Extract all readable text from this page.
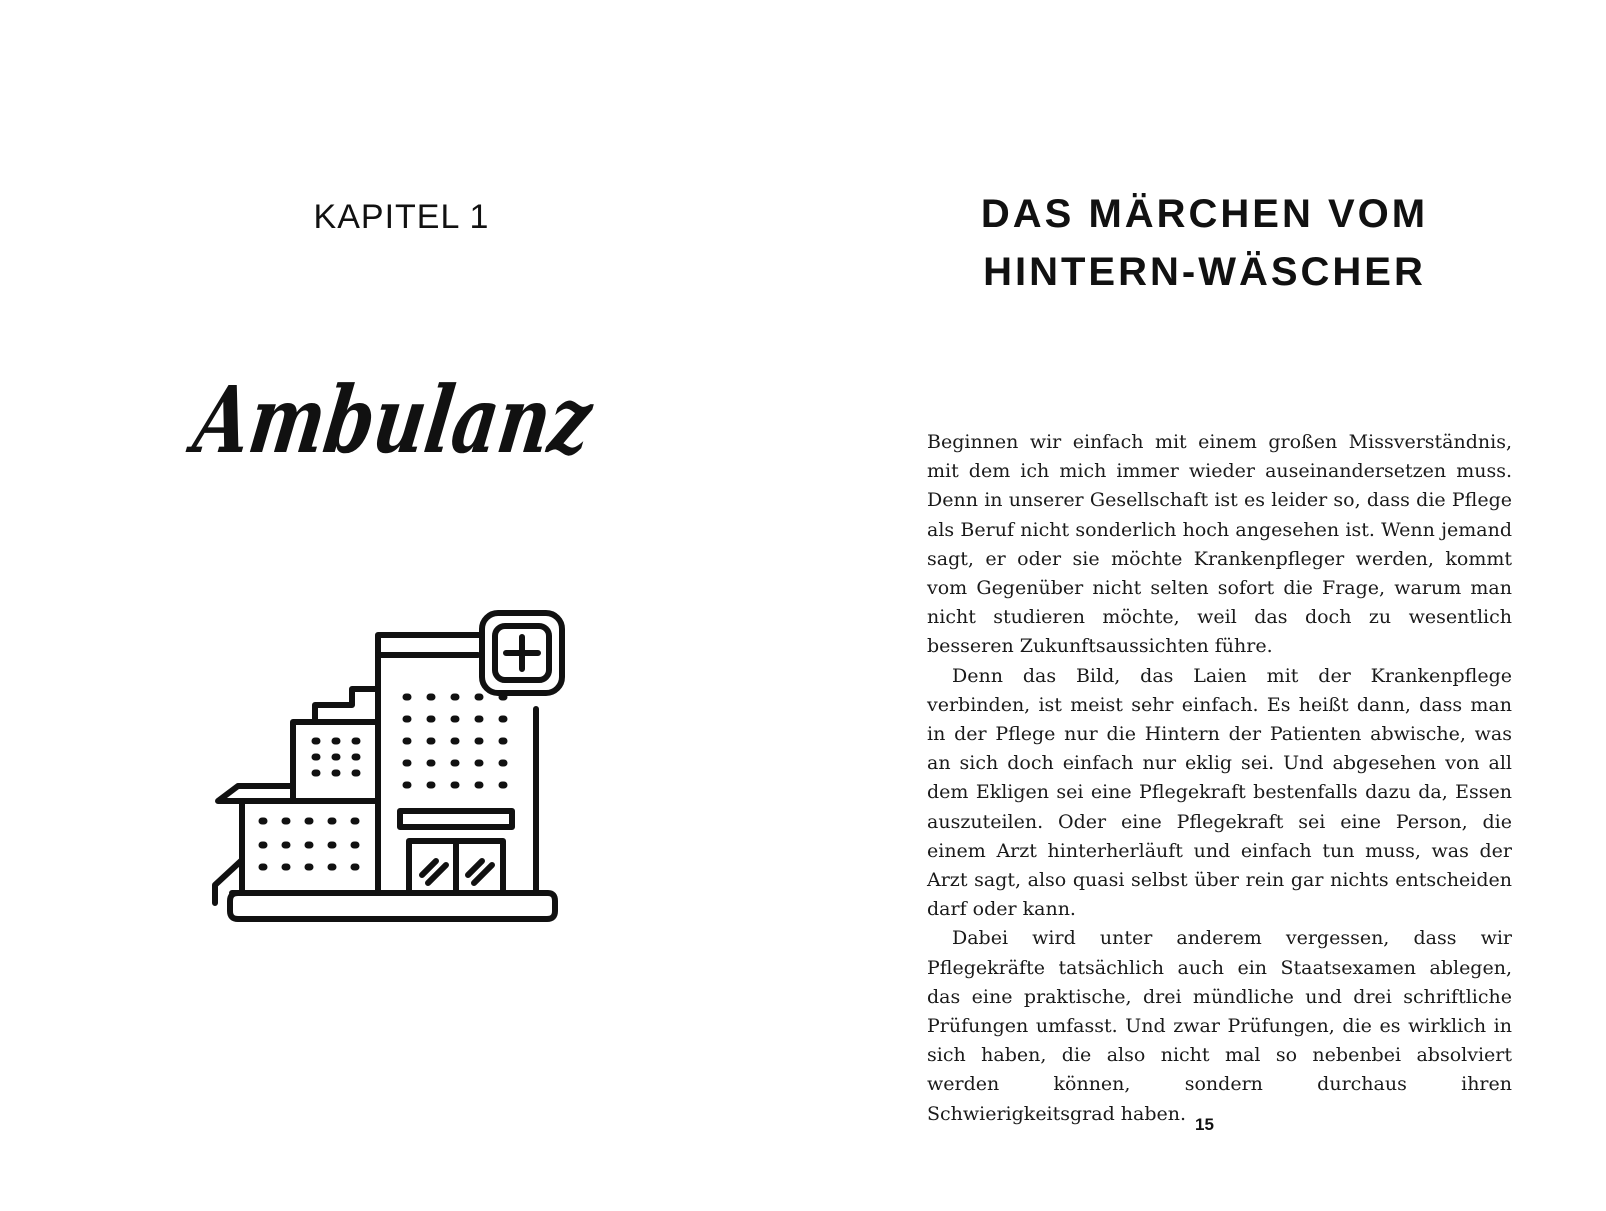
KAPITEL 1
Ambulanz
DAS MÄRCHEN VOM
HINTERN-WÄSCHER

Beginnen wir einfach mit einem großen Missverständnis, mit dem ich mich immer wieder auseinandersetzen muss. Denn in unserer Gesellschaft ist es leider so, dass die Pflege als Beruf nicht sonderlich hoch angesehen ist. Wenn jemand sagt, er oder sie möchte Krankenpfleger werden, kommt vom Gegenüber nicht selten sofort die Frage, warum man nicht studieren möchte, weil das doch zu wesentlich besseren Zukunftsaussichten führe.

Denn das Bild, das Laien mit der Krankenpflege verbinden, ist meist sehr einfach. Es heißt dann, dass man in der Pflege nur die Hintern der Patienten abwische, was an sich doch einfach nur eklig sei. Und abgesehen von all dem Ekligen sei eine Pflegekraft bestenfalls dazu da, Essen auszuteilen. Oder eine Pflegekraft sei eine Person, die einem Arzt hinterherläuft und einfach tun muss, was der Arzt sagt, also quasi selbst über rein gar nichts entscheiden darf oder kann.

Dabei wird unter anderem vergessen, dass wir Pflegekräfte tatsächlich auch ein Staatsexamen ablegen, das eine praktische, drei mündliche und drei schriftliche Prüfungen umfasst. Und zwar Prüfungen, die es wirklich in sich haben, die also nicht mal so nebenbei absolviert werden können, sondern durchaus ihren Schwierigkeitsgrad haben. 15
